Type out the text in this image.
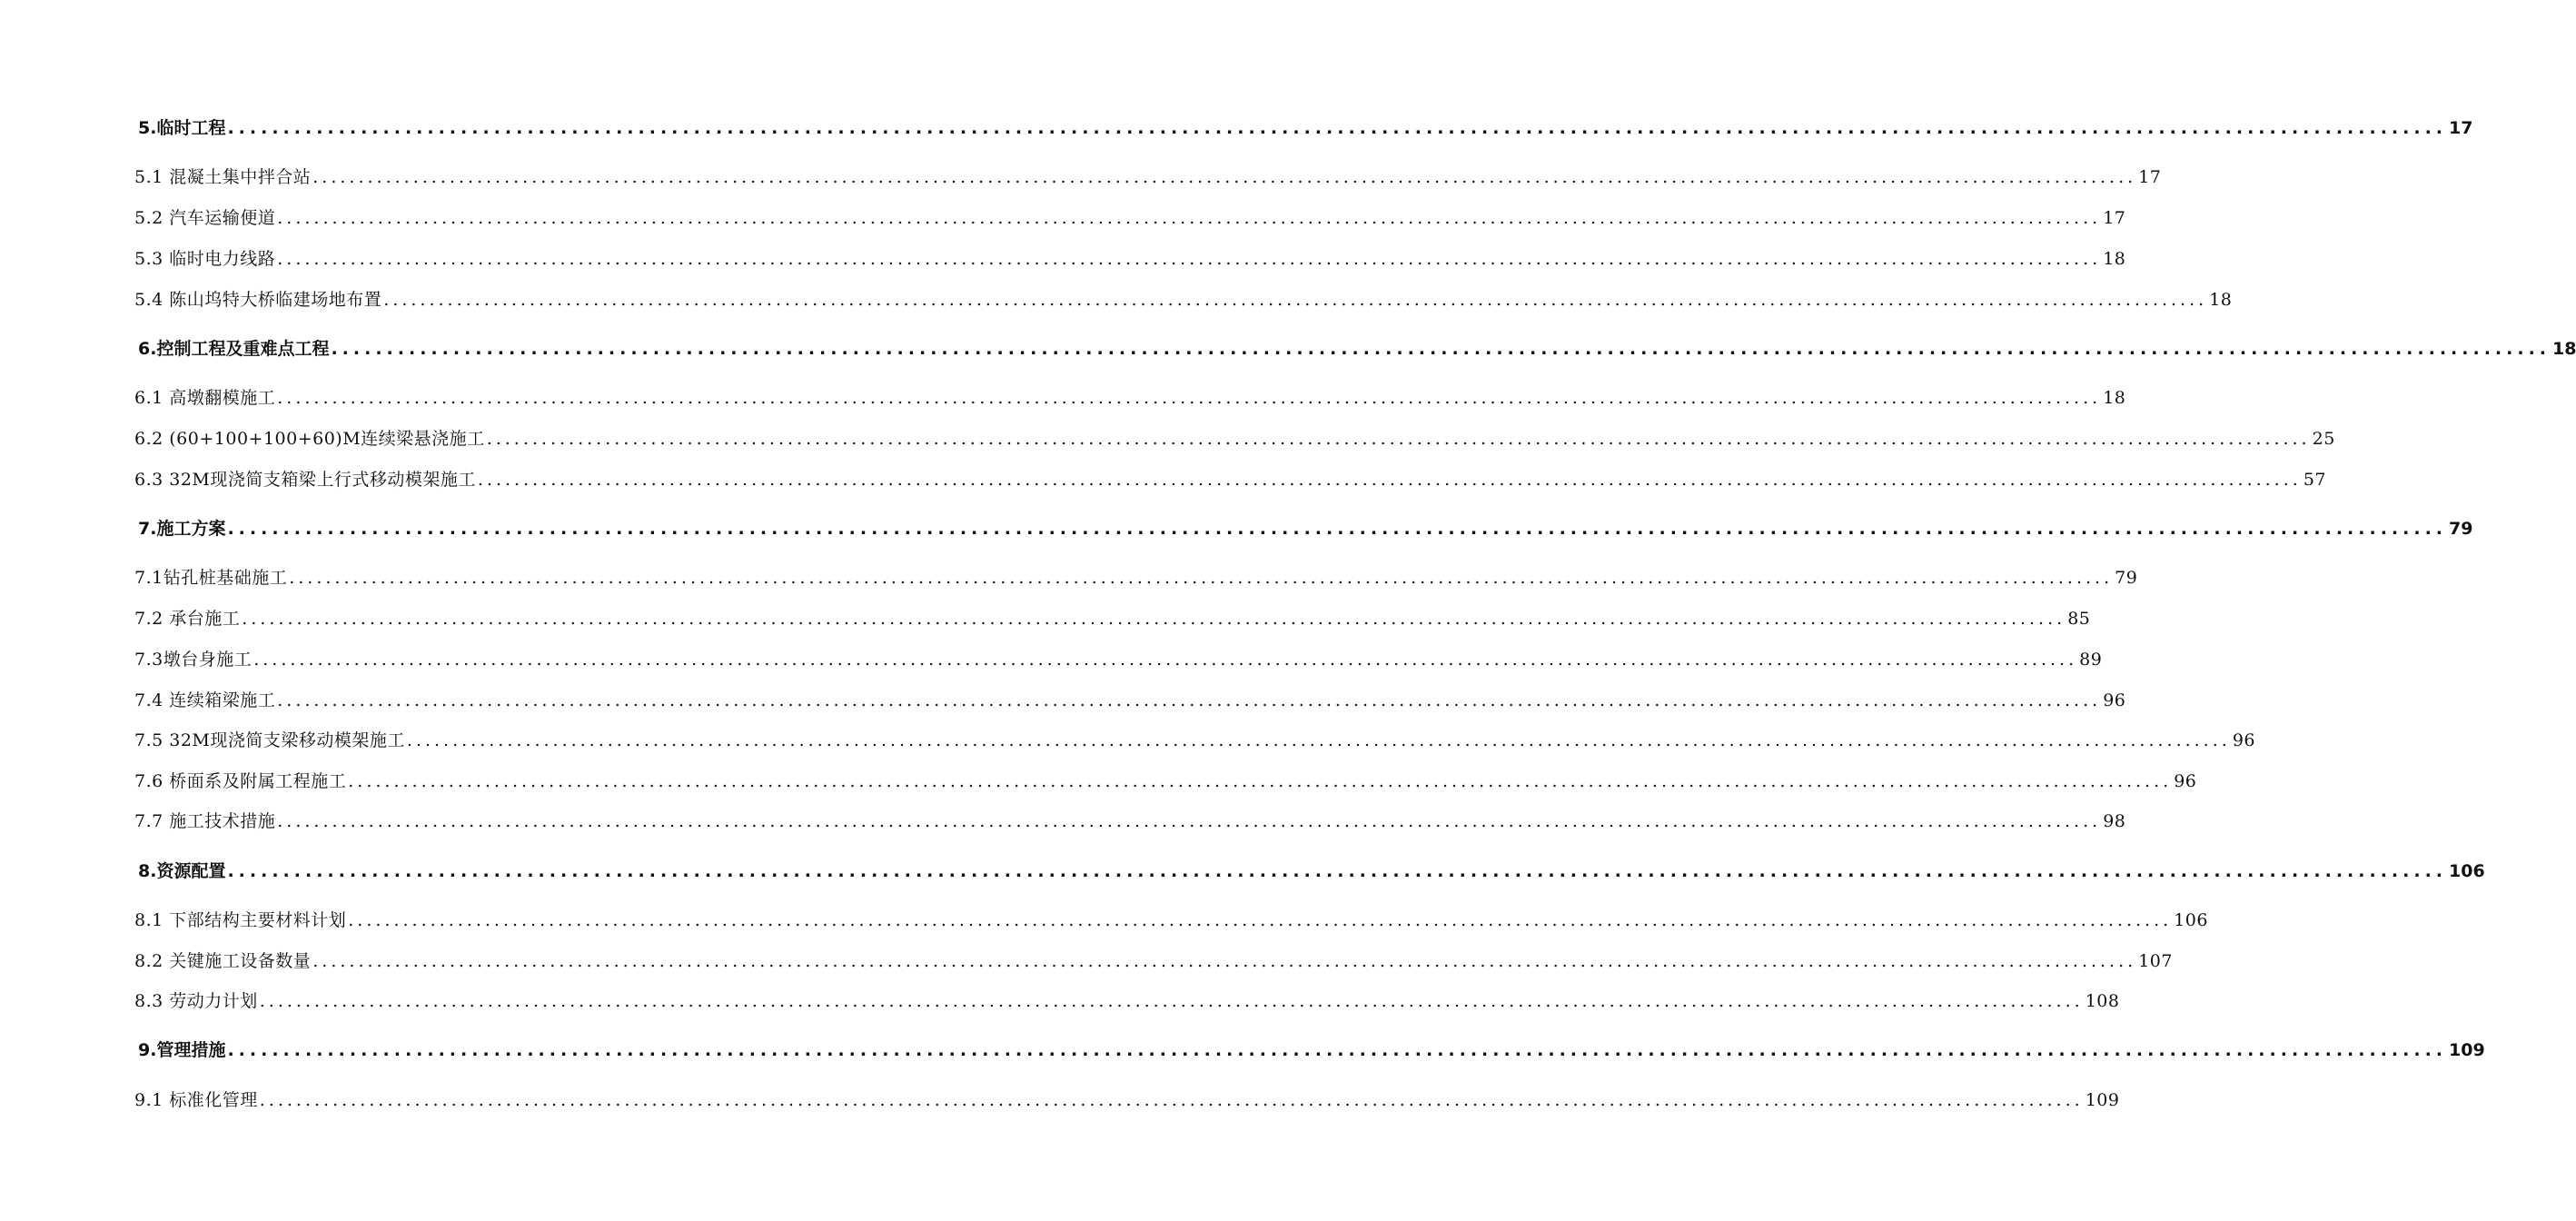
5.临时工程 ........................................................................................................................................................................................................ 17
5.1 混凝土集中拌合站 ........................................................................................................................................................................................................ 17
5.2 汽车运输便道 ........................................................................................................................................................................................................ 17
5.3 临时电力线路 ........................................................................................................................................................................................................ 18
5.4 陈山坞特大桥临建场地布置 ........................................................................................................................................................................................................ 18
6.控制工程及重难点工程 ........................................................................................................................................................................................................ 18
6.1 高墩翻模施工 ........................................................................................................................................................................................................ 18
6.2 (60+100+100+60)M连续梁悬浇施工 ........................................................................................................................................................................................................ 25
6.3 32M现浇简支箱梁上行式移动模架施工 ........................................................................................................................................................................................................ 57
7.施工方案 ........................................................................................................................................................................................................ 79
7.1钻孔桩基础施工 ........................................................................................................................................................................................................ 79
7.2 承台施工 ........................................................................................................................................................................................................ 85
7.3墩台身施工 ........................................................................................................................................................................................................ 89
7.4 连续箱梁施工 ........................................................................................................................................................................................................ 96
7.5 32M现浇简支梁移动模架施工 ........................................................................................................................................................................................................ 96
7.6 桥面系及附属工程施工 ........................................................................................................................................................................................................ 96
7.7 施工技术措施 ........................................................................................................................................................................................................ 98
8.资源配置 ........................................................................................................................................................................................................ 106
8.1 下部结构主要材料计划 ........................................................................................................................................................................................................ 106
8.2 关键施工设备数量 ........................................................................................................................................................................................................ 107
8.3 劳动力计划 ........................................................................................................................................................................................................ 108
9.管理措施 ........................................................................................................................................................................................................ 109
9.1 标准化管理 ........................................................................................................................................................................................................ 109
